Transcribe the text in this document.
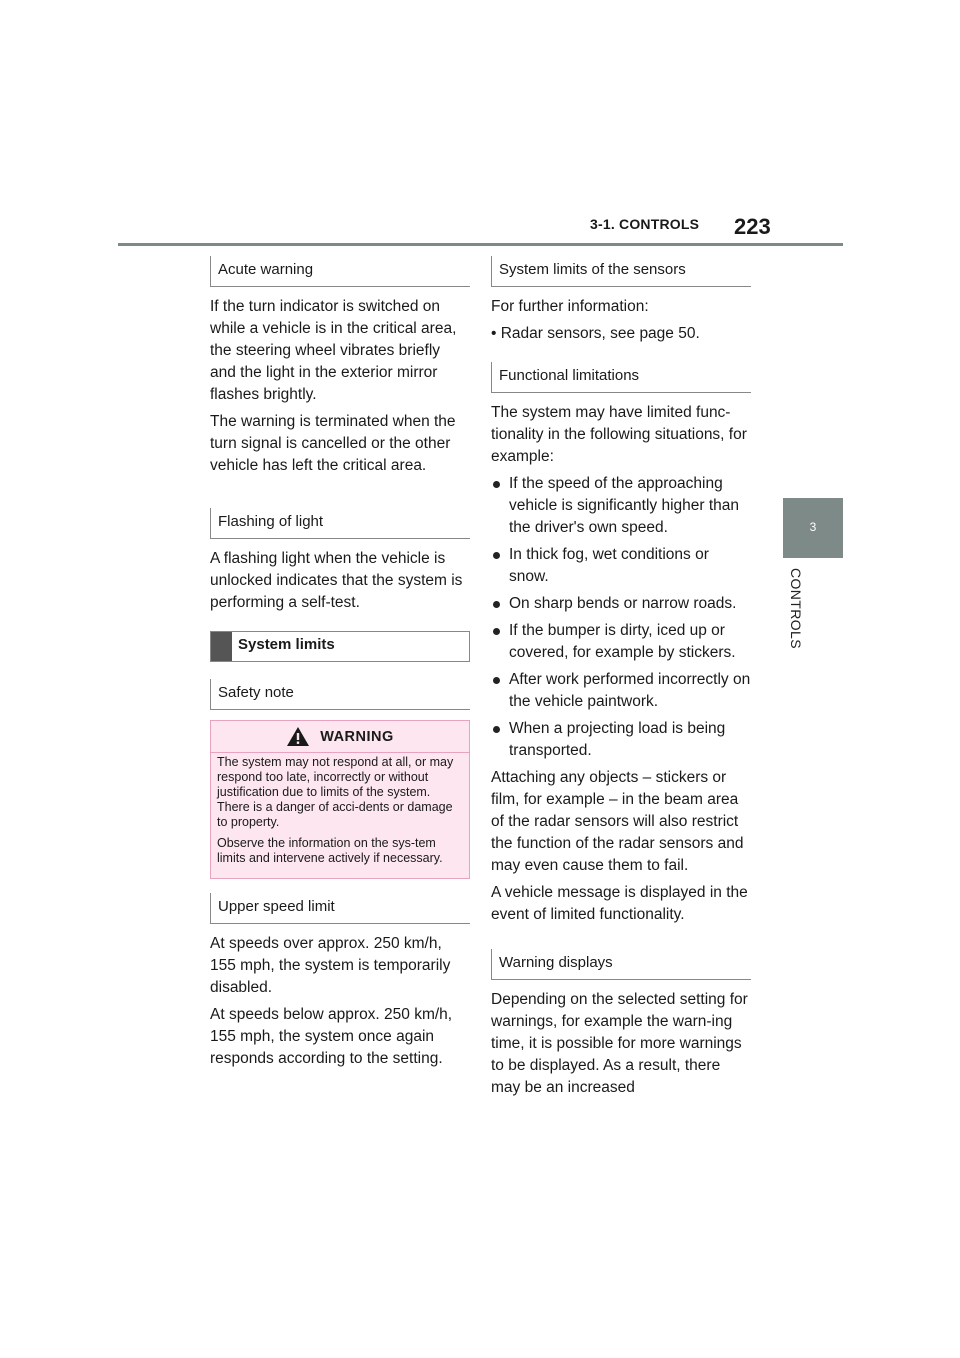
3-1. CONTROLS 223
3
CONTROLS
Acute warning

If the turn indicator is switched on while a vehicle is in the critical area, the steering wheel vibrates briefly and the light in the exterior mirror flashes brightly.

The warning is terminated when the turn signal is cancelled or the other vehicle has left the critical area.

Flashing of light

A flashing light when the vehicle is unlocked indicates that the system is performing a self-test.

System limits
Safety note
WARNING

The system may not respond at all, or may respond too late, incorrectly or without justification due to limits of the system. There is a danger of acci-dents or damage to property.

Observe the information on the sys-tem limits and intervene actively if necessary.

Upper speed limit

At speeds over approx. 250 km/h, 155 mph, the system is temporarily disabled.

At speeds below approx. 250 km/h, 155 mph, the system once again responds according to the setting.

System limits of the sensors

For further information:

• Radar sensors, see page 50.

Functional limitations

The system may have limited func-tionality in the following situations, for example:

If the speed of the approaching vehicle is significantly higher than the driver's own speed.
In thick fog, wet conditions or snow.
On sharp bends or narrow roads.
If the bumper is dirty, iced up or covered, for example by stickers.
After work performed incorrectly on the vehicle paintwork.
When a projecting load is being transported.

Attaching any objects – stickers or film, for example – in the beam area of the radar sensors will also restrict the function of the radar sensors and may even cause them to fail.

A vehicle message is displayed in the event of limited functionality.

Warning displays

Depending on the selected setting for warnings, for example the warn-ing time, it is possible for more warnings to be displayed. As a result, there may be an increased
